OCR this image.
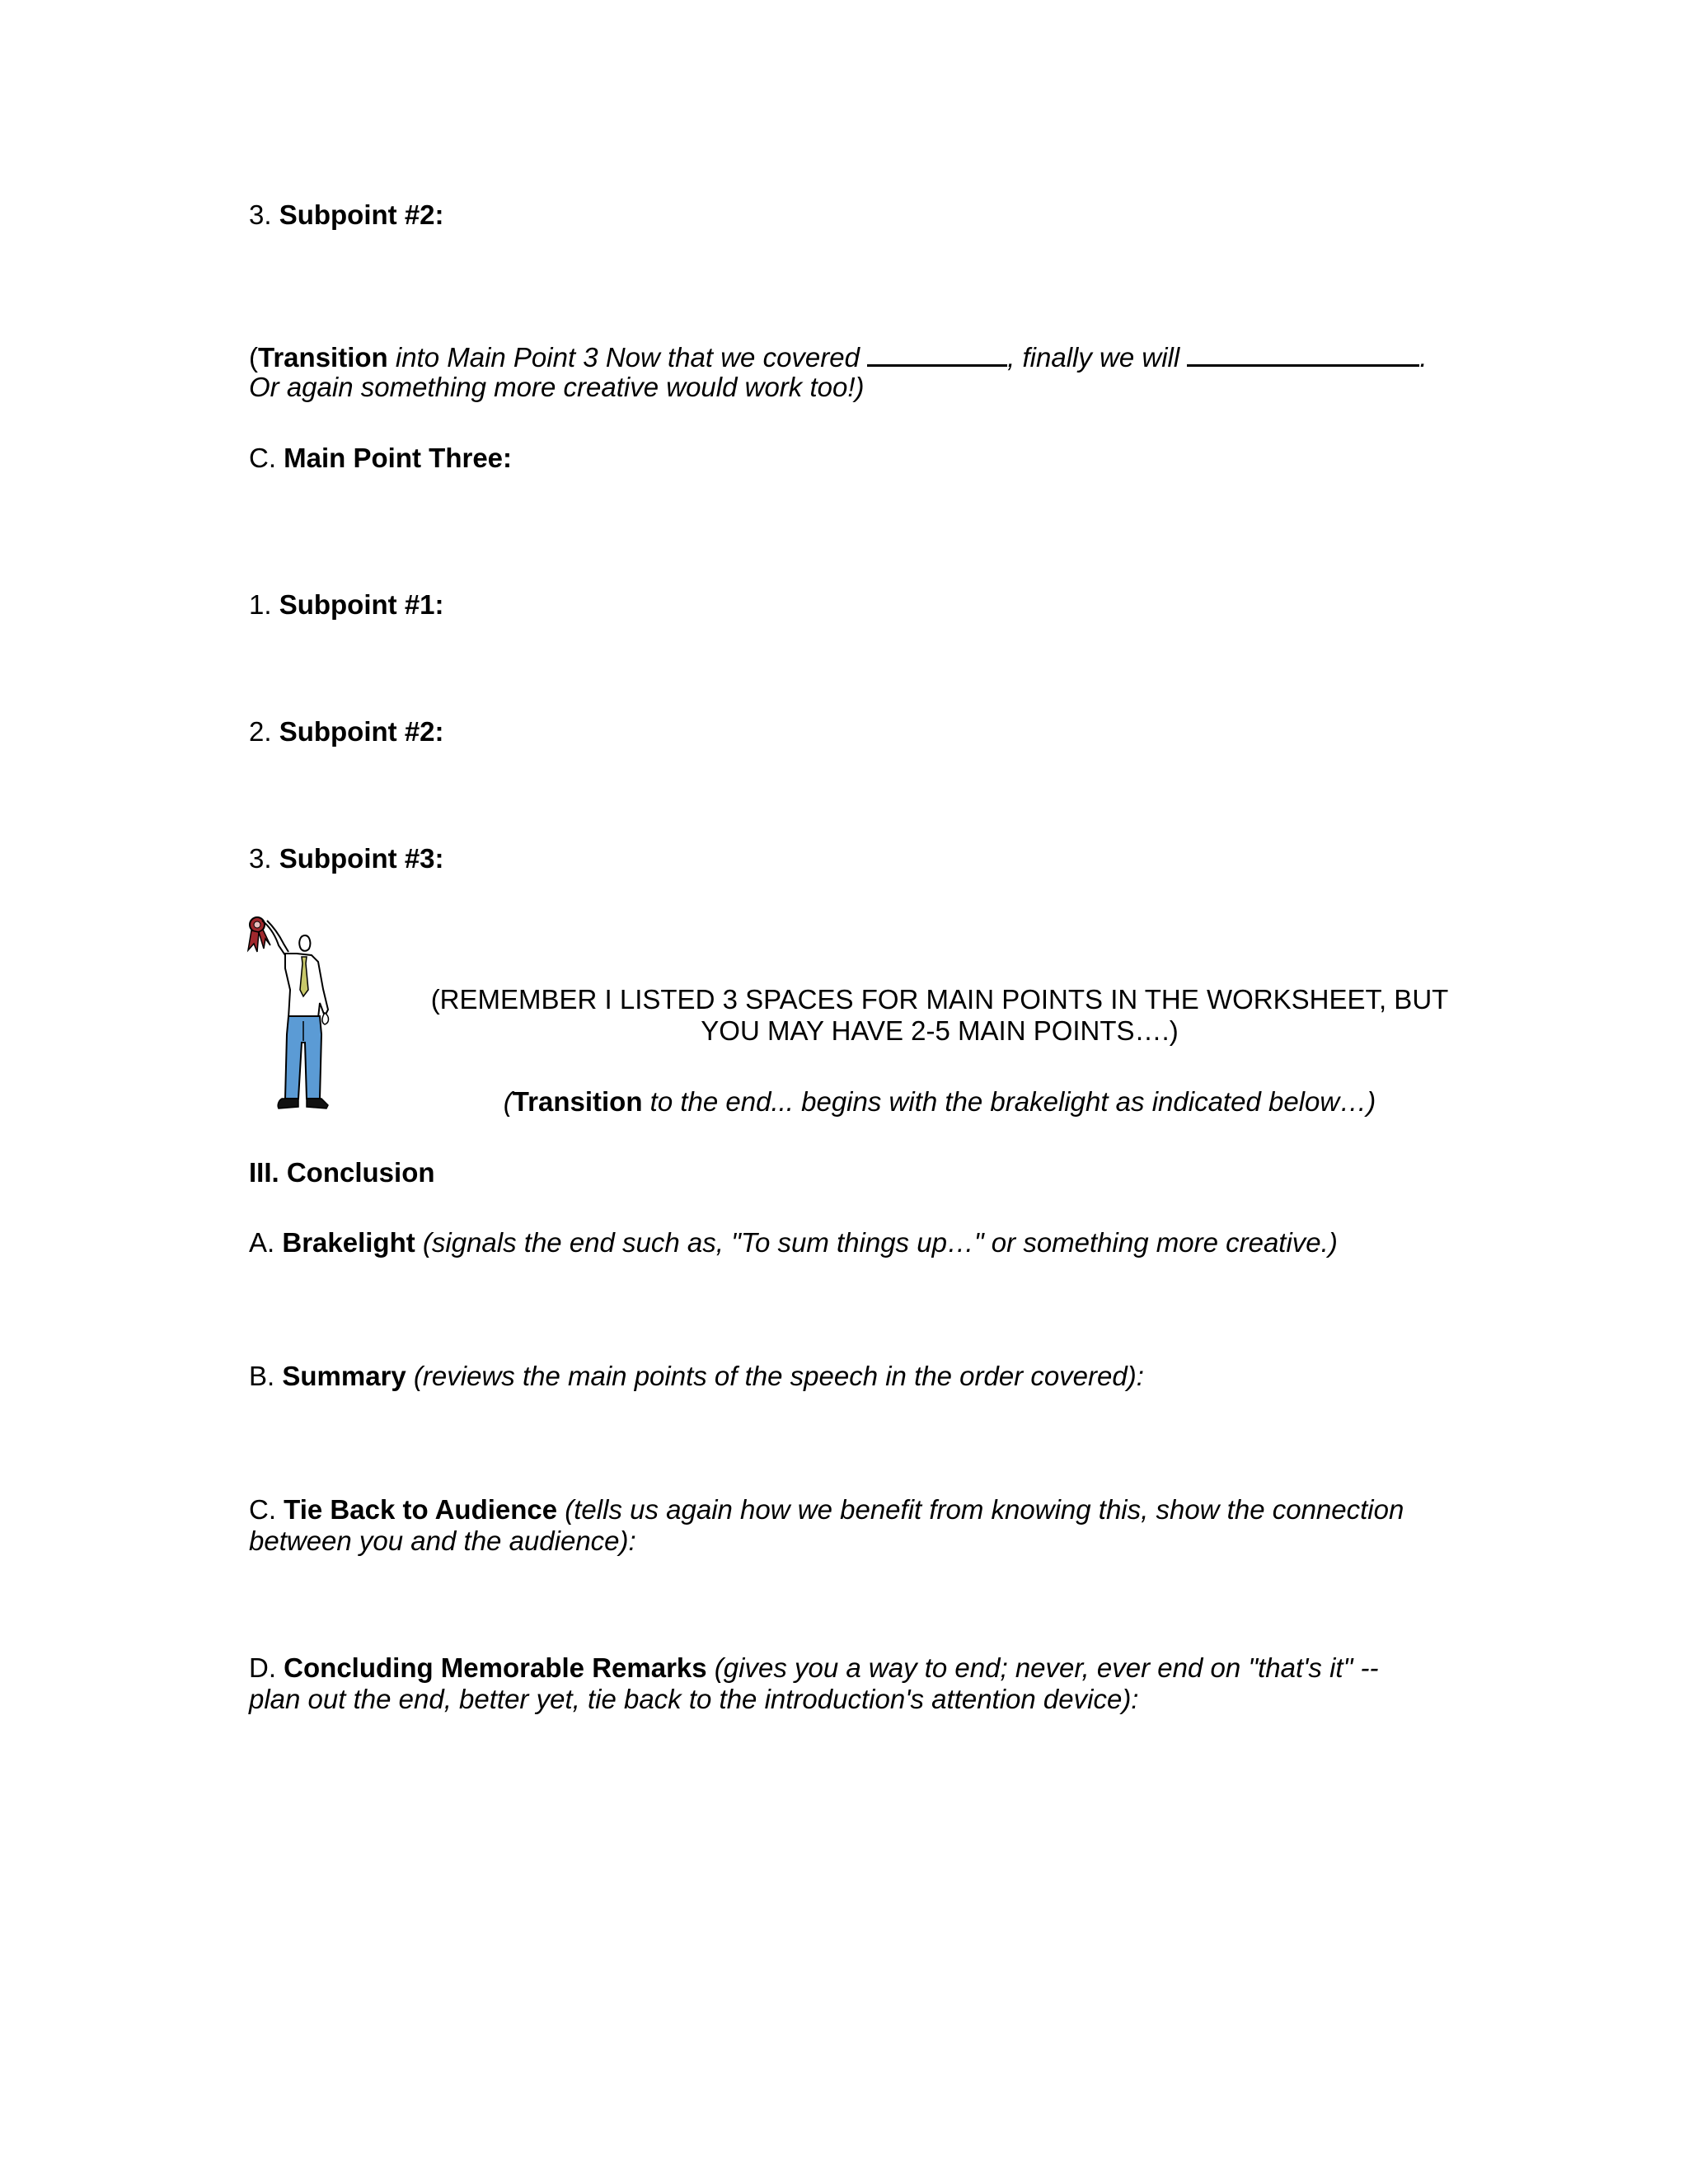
3. Subpoint #2:
(Transition into Main Point 3 Now that we covered	, finally we will	.
Or again something more creative would work too!)
C. Main Point Three:
1. Subpoint #1:
2. Subpoint #2:
3. Subpoint #3:
(REMEMBER I LISTED 3 SPACES FOR MAIN POINTS IN THE WORKSHEET, BUT
YOU MAY HAVE 2-5 MAIN POINTS….)
(Transition to the end... begins with the brakelight as indicated below…)
III. Conclusion
A. Brakelight (signals the end such as, "To sum things up…" or something more creative.)
B. Summary (reviews the main points of the speech in the order covered):
C. Tie Back to Audience (tells us again how we benefit from knowing this, show the connection
between you and the audience):
D. Concluding Memorable Remarks (gives you a way to end; never, ever end on "that's it" --
plan out the end, better yet, tie back to the introduction's attention device):
